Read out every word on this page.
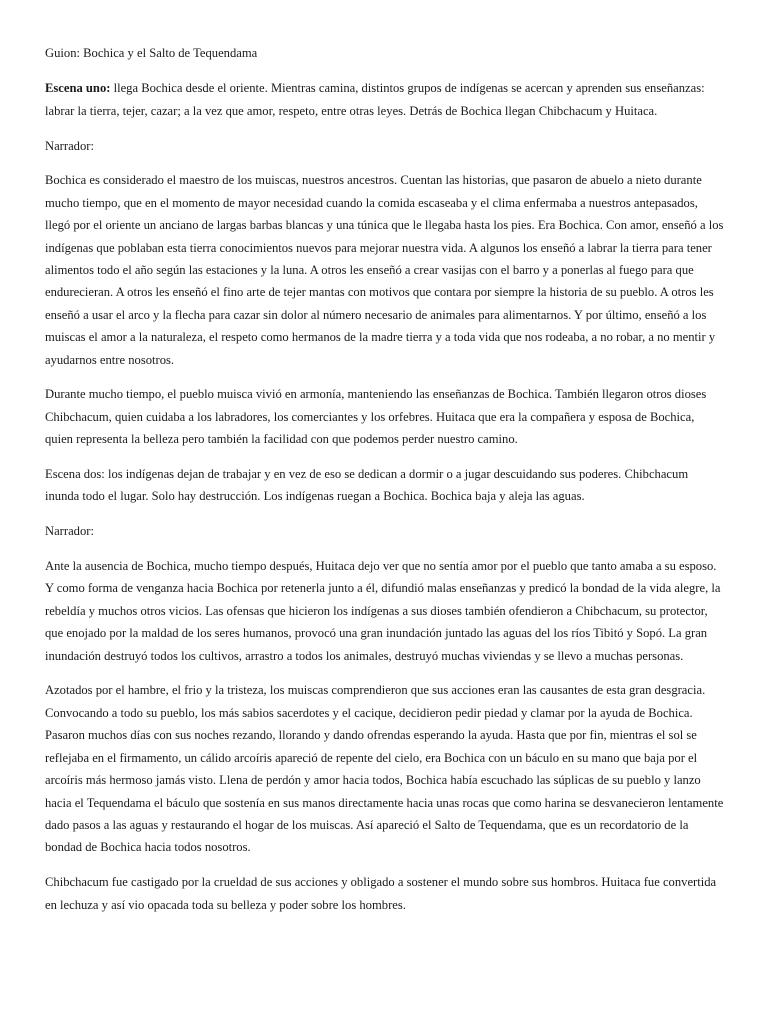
Guion: Bochica y el Salto de Tequendama

Escena uno: llega Bochica desde el oriente. Mientras camina, distintos grupos de indígenas se acercan y aprenden sus enseñanzas: labrar la tierra, tejer, cazar; a la vez que amor, respeto, entre otras leyes. Detrás de Bochica llegan Chibchacum y Huitaca.

Narrador:

Bochica es considerado el maestro de los muiscas, nuestros ancestros. Cuentan las historias, que pasaron de abuelo a nieto durante mucho tiempo, que en el momento de mayor necesidad cuando la comida escaseaba y el clima enfermaba a nuestros antepasados, llegó por el oriente un anciano de largas barbas blancas y una túnica que le llegaba hasta los pies. Era Bochica. Con amor, enseñó a los indígenas que poblaban esta tierra conocimientos nuevos para mejorar nuestra vida. A algunos los enseñó a labrar la tierra para tener alimentos todo el año según las estaciones y la luna. A otros les enseñó a crear vasijas con el barro y a ponerlas al fuego para que endurecieran. A otros les enseñó el fino arte de tejer mantas con motivos que contara por siempre la historia de su pueblo. A otros les enseñó a usar el arco y la flecha para cazar sin dolor al número necesario de animales para alimentarnos. Y por último, enseñó a los muiscas el amor a la naturaleza, el respeto como hermanos de la madre tierra y a toda vida que nos rodeaba, a no robar, a no mentir y ayudarnos entre nosotros.

Durante mucho tiempo, el pueblo muisca vivió en armonía, manteniendo las enseñanzas de Bochica. También llegaron otros dioses Chibchacum, quien cuidaba a los labradores, los comerciantes y los orfebres. Huitaca que era la compañera y esposa de Bochica, quien representa la belleza pero también la facilidad con que podemos perder nuestro camino.

Escena dos: los indígenas dejan de trabajar y en vez de eso se dedican a dormir o a jugar descuidando sus poderes. Chibchacum inunda todo el lugar. Solo hay destrucción. Los indígenas ruegan a Bochica. Bochica baja y aleja las aguas.

Narrador:

Ante la ausencia de Bochica, mucho tiempo después, Huitaca dejo ver que no sentía amor por el pueblo que tanto amaba a su esposo. Y como forma de venganza hacia Bochica por retenerla junto a él, difundió malas enseñanzas y predicó la bondad de la vida alegre, la rebeldía y muchos otros vicios. Las ofensas que hicieron los indígenas a sus dioses también ofendieron a Chibchacum, su protector, que enojado por la maldad de los seres humanos, provocó una gran inundación juntado las aguas del los ríos Tibitó y Sopó. La gran inundación destruyó todos los cultivos, arrastro a todos los animales, destruyó muchas viviendas y se llevo a muchas personas.

Azotados por el hambre, el frio y la tristeza, los muiscas comprendieron que sus acciones eran las causantes de esta gran desgracia. Convocando a todo su pueblo, los más sabios sacerdotes y el cacique, decidieron pedir piedad y clamar por la ayuda de Bochica. Pasaron muchos días con sus noches rezando, llorando y dando ofrendas esperando la ayuda. Hasta que por fin, mientras el sol se reflejaba en el firmamento, un cálido arcoíris apareció de repente del cielo, era Bochica con un báculo en su mano que baja por el arcoíris más hermoso jamás visto. Llena de perdón y amor hacia todos, Bochica había escuchado las súplicas de su pueblo y lanzo hacia el Tequendama el báculo que sostenía en sus manos directamente hacia unas rocas que como harina se desvanecieron lentamente dado pasos a las aguas y restaurando el hogar de los muiscas. Así apareció el Salto de Tequendama, que es un recordatorio de la bondad de Bochica hacia todos nosotros.

Chibchacum fue castigado por la crueldad de sus acciones y obligado a sostener el mundo sobre sus hombros. Huitaca fue convertida en lechuza y así vio opacada toda su belleza y poder sobre los hombres.
